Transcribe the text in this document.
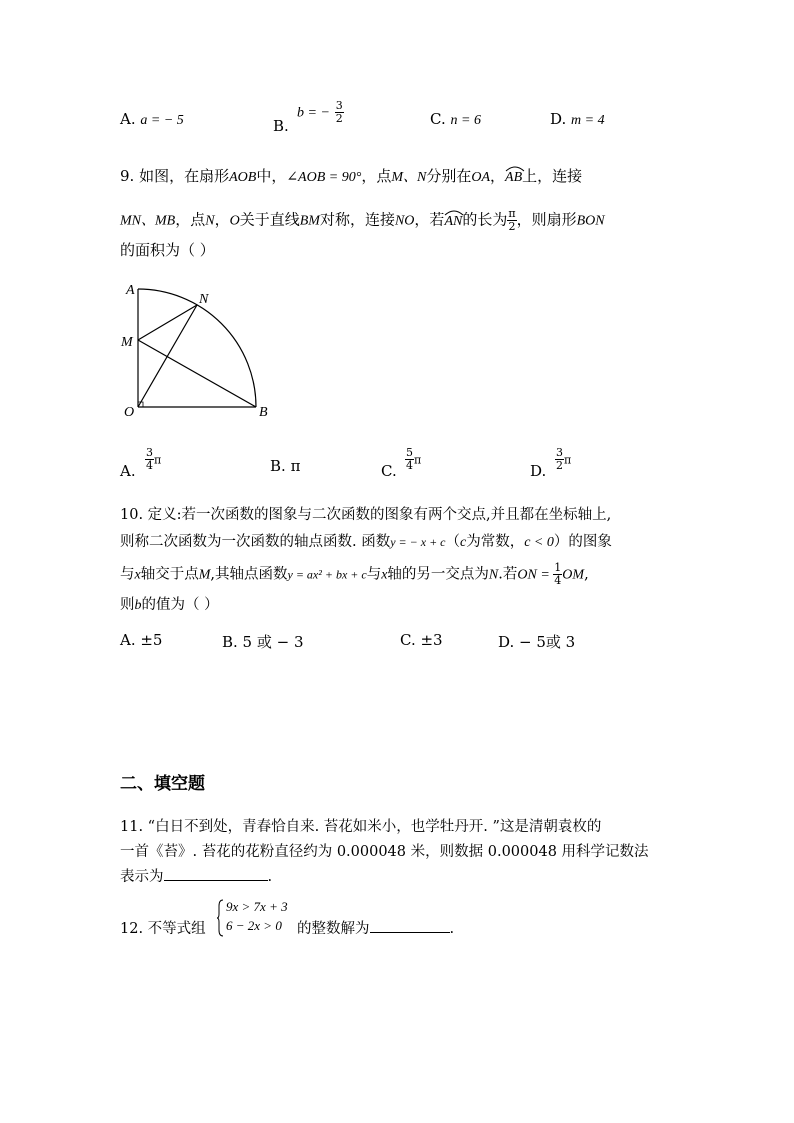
A. a = − 5	B.
b = − $\frac{3}{2}$	C. n = 6	D. m = 4
9. 如图，在扇形AOB中，∠AOB = 90°，点M、N分别在OA，AB
上，连接
MN、MB，点N，O关于直线BM对称，连接NO，若AN
的长为 $\frac{\pi}{2}$ ，则扇形BON
的面积为（ ）
A
N
M
O	B
A. $\frac{3}{4}$ π	B. π	C. $\frac{5}{4}$ π
D. $\frac{3}{2}$ π
10. 定义:若一次函数的图象与二次函数的图象有两个交点,并且都在坐标轴上,
则称二次函数为一次函数的轴点函数. 函数y = − x + c（c为常数，c < 0）的图象
与x轴交于点M,其轴点函数y = ax² + bx + c与x轴的另一交点为N.若ON = $\frac{1}{4}$ OM,
则b的值为（ ）
A. ±5	B. 5 或 − 3	C. ±3	D. − 5或 3
二、填空题
11. “白日不到处，青春恰自来. 苔花如米小，也学牡丹开. ”这是清朝袁枚的
一首《苔》. 苔花的花粉直径约为 0.000048 米，则数据 0.000048 用科学记数法
表示为	.
12. 不等式组
9x > 7x + 3
6 − 2x > 0 的整数解为	.
